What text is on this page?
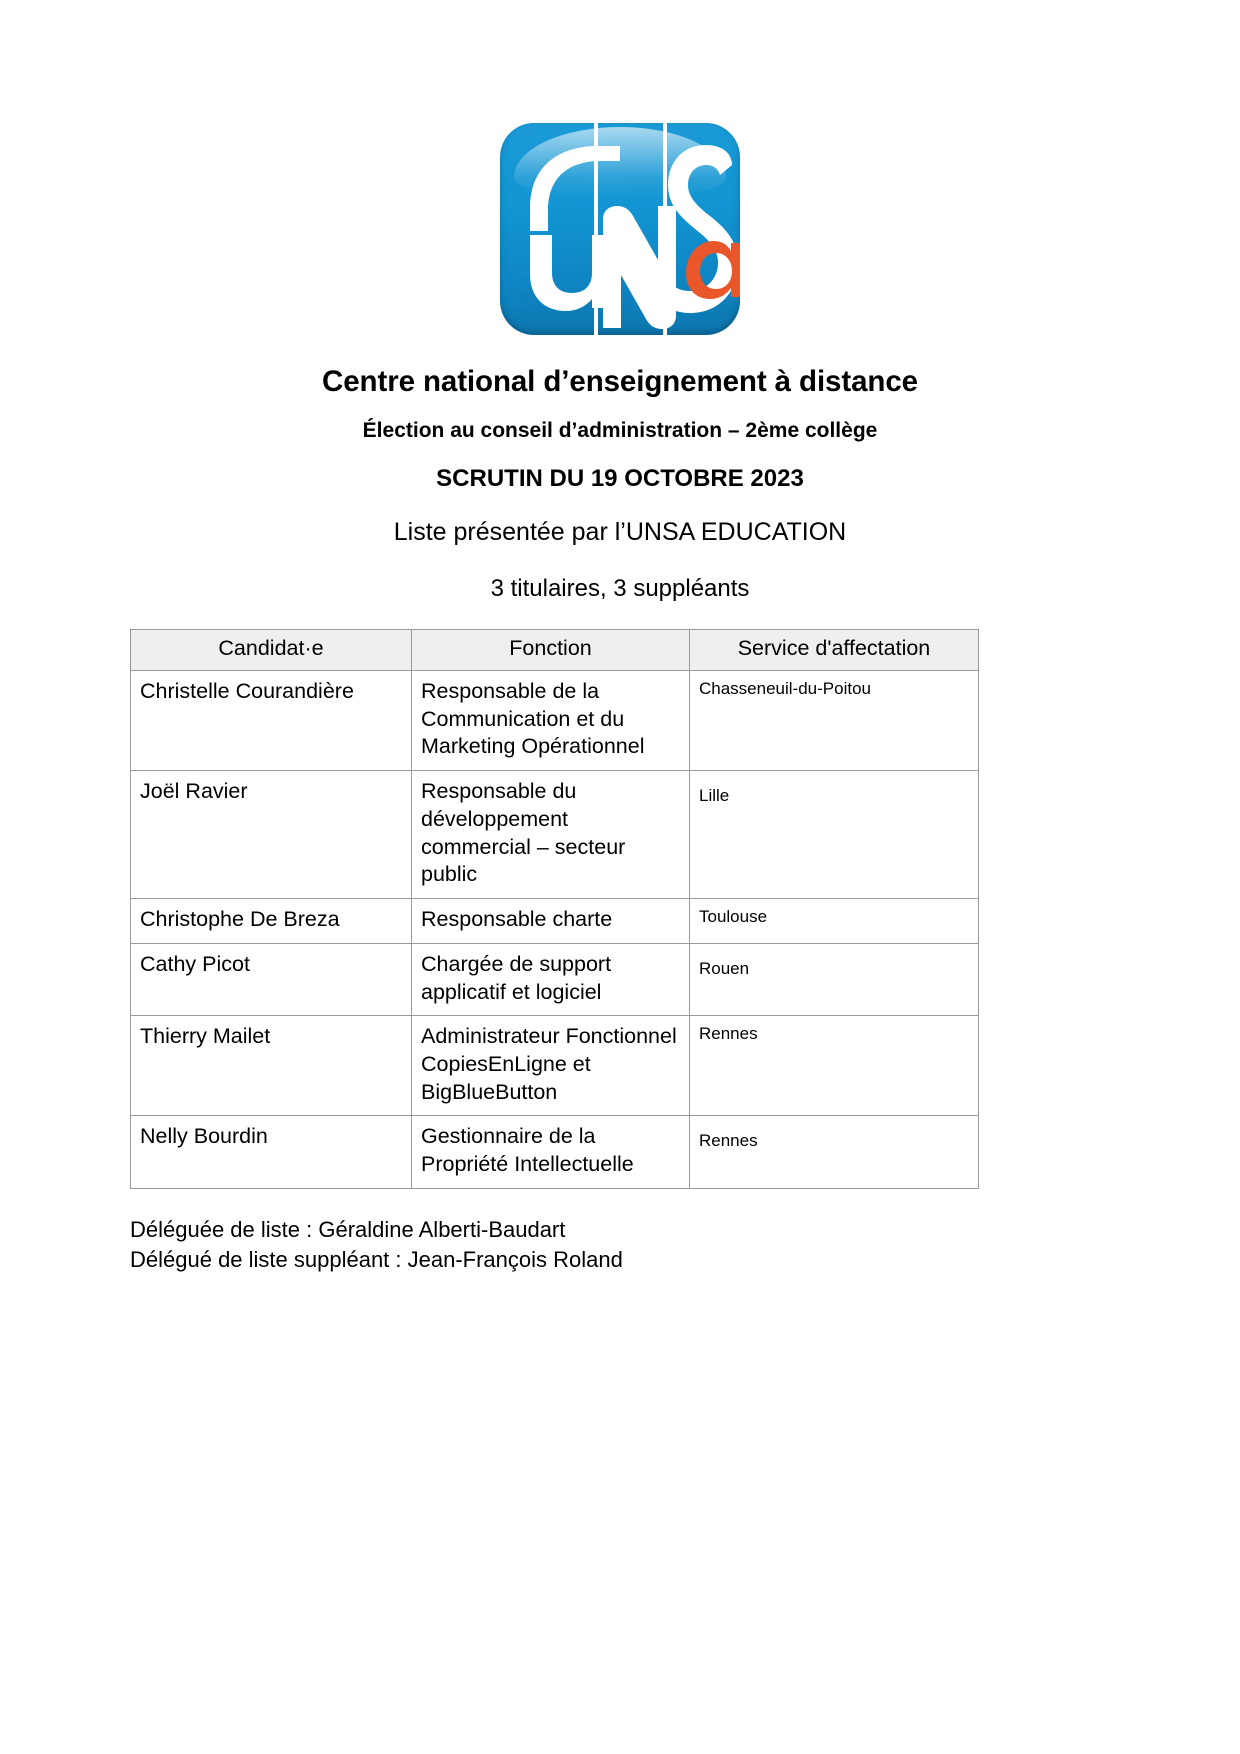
Centre national d’enseignement à distance
Élection au conseil d’administration – 2ème collège
SCRUTIN DU 19 OCTOBRE 2023

Liste présentée par l’UNSA EDUCATION

3 titulaires, 3 suppléants

Candidat·e	Fonction	Service d'affectation
Christelle Courandière	Responsable de la Communication et du Marketing Opérationnel	Chasseneuil-du-Poitou
Joël Ravier	Responsable du développement commercial – secteur public	Lille
Christophe De Breza	Responsable charte	Toulouse
Cathy Picot	Chargée de support applicatif et logiciel	Rouen
Thierry Mailet	Administrateur Fonctionnel CopiesEnLigne et BigBlueButton	Rennes
Nelly Bourdin	Gestionnaire de la Propriété Intellectuelle	Rennes
Déléguée de liste : Géraldine Alberti-Baudart
Délégué de liste suppléant : Jean-François Roland
